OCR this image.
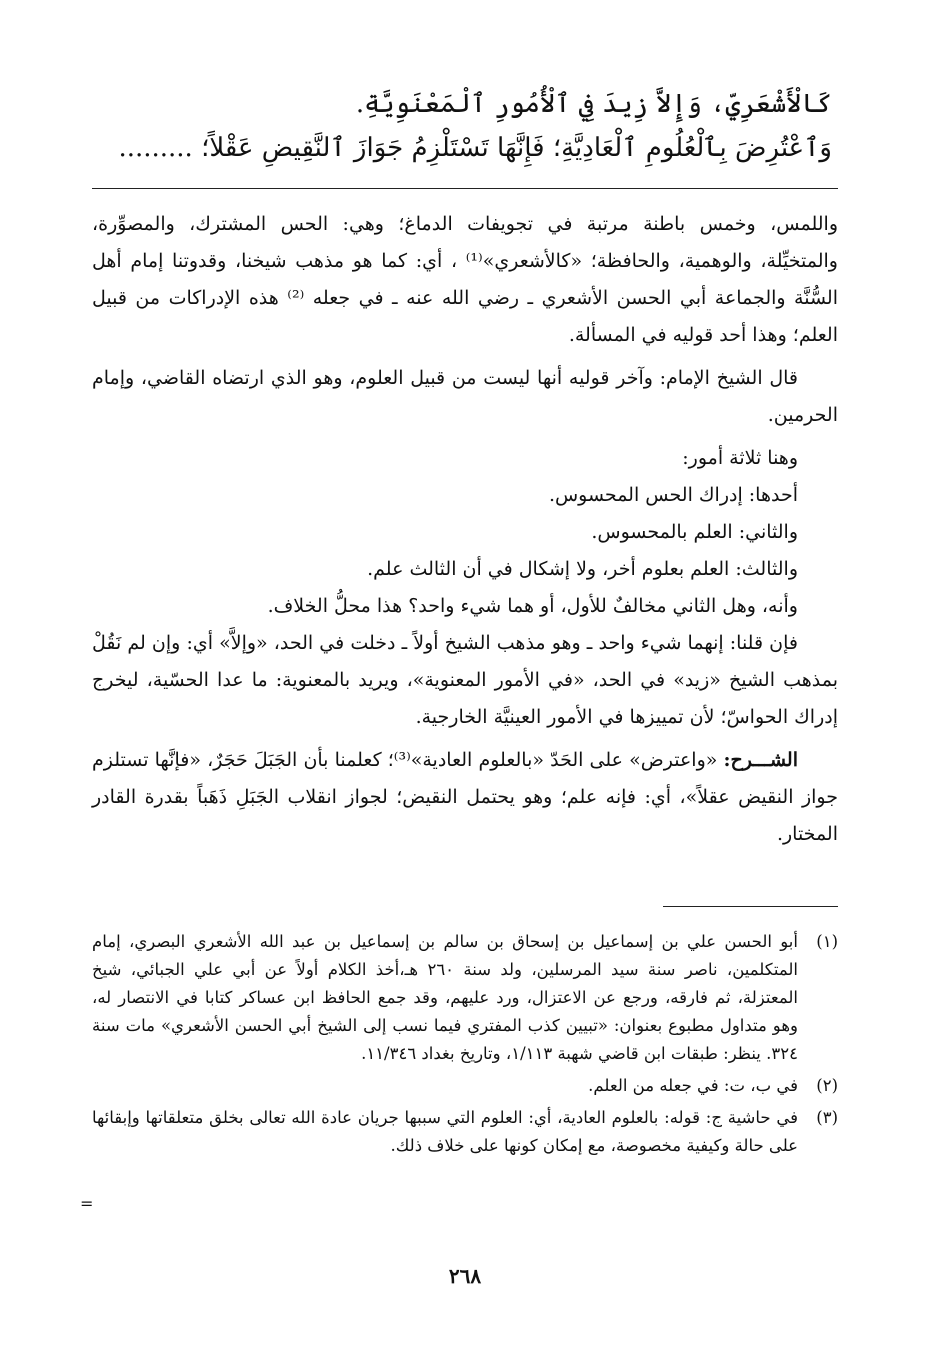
كَالْأَشْعَرِيِّ، وَإِلاَّ زِيدَ فِي ٱلْأُمُورِ ٱلْمَعْنَوِيَّةِ.
وَٱعْتُرِضَ بِٱلْعُلُومِ ٱلْعَادِيَّةِ؛ فَإِنَّهَا تَسْتَلْزِمُ جَوَازَ ٱلنَّقِيضِ عَقْلاً؛ .........

واللمس، وخمس باطنة مرتبة في تجويفات الدماغ؛ وهي: الحس المشترك، والمصوِّرة، والمتخيِّلة، والوهمية، والحافظة؛ «كالأشعري»⁽¹⁾ ، أي: كما هو مذهب شيخنا، وقدوتنا إمام أهل السُّنَّة والجماعة أبي الحسن الأشعري ـ رضي الله عنه ـ في جعله ⁽²⁾ هذه الإدراكات من قبيل العلم؛ وهذا أحد قوليه في المسألة.

قال الشيخ الإمام: وآخر قوليه أنها ليست من قبيل العلوم، وهو الذي ارتضاه القاضي، وإمام الحرمين.

وهنا ثلاثة أمور:

أحدها: إدراك الحس المحسوس.

والثاني: العلم بالمحسوس.

والثالث: العلم بعلوم أخر، ولا إشكال في أن الثالث علم.

وأنه، وهل الثاني مخالفٌ للأول، أو هما شيء واحد؟ هذا محلُّ الخلاف.

فإن قلنا: إنهما شيء واحد ـ وهو مذهب الشيخ أولاً ـ دخلت في الحد، «وإلاَّ» أي: وإن لم نَقُلْ بمذهب الشيخ «زيد» في الحد، «في الأمور المعنوية»، ويريد بالمعنوية: ما عدا الحسّية، ليخرج إدراك الحواسّ؛ لأن تمييزها في الأمور العينيَّة الخارجية.

الشـــرح: «واعترض» على الحَدّ «بالعلوم العادية»⁽³⁾؛ كعلمنا بأن الجَبَلَ حَجَرٌ، «فإنَّها تستلزم جواز النقيض عقلاً»، أي: فإنه علم؛ وهو يحتمل النقيض؛ لجواز انقلاب الجَبَلِ ذَهَباً بقدرة القادر المختار.

(١)
أبو الحسن علي بن إسماعيل بن إسحاق بن سالم بن إسماعيل بن عبد الله الأشعري البصري، إمام المتكلمين، ناصر سنة سيد المرسلين، ولد سنة ٢٦٠ هـ،أخذ الكلام أولاً عن أبي علي الجبائي، شيخ المعتزلة، ثم فارقه، ورجع عن الاعتزال، ورد عليهم، وقد جمع الحافظ ابن عساكر كتابا في الانتصار له، وهو متداول مطبوع بعنوان: «تبيين كذب المفتري فيما نسب إلى الشيخ أبي الحسن الأشعري» مات سنة ٣٢٤. ينظر: طبقات ابن قاضي شهبة ١/١١٣، وتاريخ بغداد ١١/٣٤٦.
(٢)
في ب، ت: في جعله من العلم.
(٣)
في حاشية ج: قوله: بالعلوم العادية، أي: العلوم التي سببها جريان عادة الله تعالى بخلق متعلقاتها وإبقائها على حالة وكيفية مخصوصة، مع إمكان كونها على خلاف ذلك.
=
٢٦٨
